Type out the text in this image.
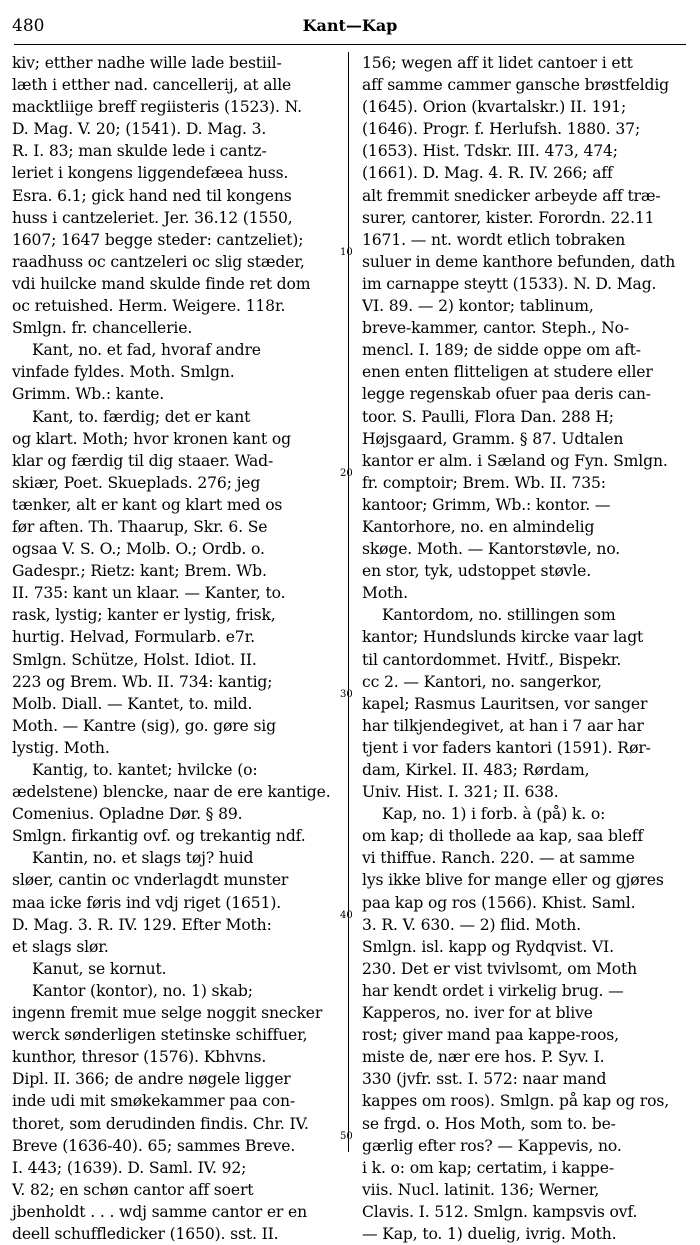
480	Kant—Kap
kiv; etther nadhe wille lade bestiil-
læth i etther nad. cancellerij, at alle
macktliige breff regiisteris (1523). N.
D. Mag. V. 20; (1541). D. Mag. 3.
R. I. 83; man skulde lede i cantz-
leriet i kongens liggendefæea huss.
Esra. 6.1; gick hand ned til kongens
huss i cantzeleriet. Jer. 36.12 (1550,
1607; 1647 begge steder: cantzeliet);
raadhuss oc cantzeleri oc slig stæder,
vdi huilcke mand skulde finde ret dom
oc retuished. Herm. Weigere. 118r.
Smlgn. fr. chancellerie.
Kant, no. et fad, hvoraf andre
vinfade fyldes. Moth. Smlgn.
Grimm. Wb.: kante.
Kant, to. færdig; det er kant
og klart. Moth; hvor kronen kant og
klar og færdig til dig staaer. Wad-
skiær, Poet. Skueplads. 276; jeg
tænker, alt er kant og klart med os
før aften. Th. Thaarup, Skr. 6. Se
ogsaa V. S. O.; Molb. O.; Ordb. o.
Gadespr.; Rietz: kant; Brem. Wb.
II. 735: kant un klaar. — Kanter, to.
rask, lystig; kanter er lystig, frisk,
hurtig. Helvad, Formularb. e7r.
Smlgn. Schütze, Holst. Idiot. II.
223 og Brem. Wb. II. 734: kantig;
Molb. Diall. — Kantet, to. mild.
Moth. — Kantre (sig), go. gøre sig
lystig. Moth.
Kantig, to. kantet; hvilcke (o:
ædelstene) blencke, naar de ere kantige.
Comenius. Opladne Dør. § 89.
Smlgn. firkantig ovf. og trekantig ndf.
Kantin, no. et slags tøj? huid
sløer, cantin oc vnderlagdt munster
maa icke føris ind vdj riget (1651).
D. Mag. 3. R. IV. 129. Efter Moth:
et slags slør.
Kanut, se kornut.
Kantor (kontor), no. 1) skab;
ingenn fremit mue selge noggit snecker
werck sønderligen stetinske schiffuer,
kunthor, thresor (1576). Kbhvns.
Dipl. II. 366; de andre nøgele ligger
inde udi mit smøkekammer paa con-
thoret, som derudinden findis. Chr. IV.
Breve (1636-40). 65; sammes Breve.
I. 443; (1639). D. Saml. IV. 92;
V. 82; en schøn cantor aff soert
jbenholdt . . . wdj samme cantor er en
deell schuffledicker (1650). sst. II.
156; wegen aff it lidet cantoer i ett
aff samme cammer gansche brøstfeldig
(1645). Orion (kvartalskr.) II. 191;
(1646). Progr. f. Herlufsh. 1880. 37;
(1653). Hist. Tdskr. III. 473, 474;
(1661). D. Mag. 4. R. IV. 266; aff
alt fremmit snedicker arbeyde aff træ-
surer, cantorer, kister. Forordn. 22.11
1671. — nt. wordt etlich tobraken
suluer in deme kanthore befunden, dath
im carnappe steytt (1533). N. D. Mag.
VI. 89. — 2) kontor; tablinum,
breve-kammer, cantor. Steph., No-
mencl. I. 189; de sidde oppe om aft-
enen enten flitteligen at studere eller
legge regenskab ofuer paa deris can-
toor. S. Paulli, Flora Dan. 288 H;
Højsgaard, Gramm. § 87. Udtalen
kantor er alm. i Sæland og Fyn. Smlgn.
fr. comptoir; Brem. Wb. II. 735:
kantoor; Grimm, Wb.: kontor. —
Kantorhore, no. en almindelig
skøge. Moth. — Kantorstøvle, no.
en stor, tyk, udstoppet støvle.
Moth.
Kantordom, no. stillingen som
kantor; Hundslunds kircke vaar lagt
til cantordommet. Hvitf., Bispekr.
cc 2. — Kantori, no. sangerkor,
kapel; Rasmus Lauritsen, vor sanger
har tilkjendegivet, at han i 7 aar har
tjent i vor faders kantori (1591). Rør-
dam, Kirkel. II. 483; Rørdam,
Univ. Hist. I. 321; II. 638.
Kap, no. 1) i forb. à (på) k. o:
om kap; di thollede aa kap, saa bleff
vi thiffue. Ranch. 220. — at samme
lys ikke blive for mange eller og gjøres
paa kap og ros (1566). Khist. Saml.
3. R. V. 630. — 2) flid. Moth.
Smlgn. isl. kapp og Rydqvist. VI.
230. Det er vist tvivlsomt, om Moth
har kendt ordet i virkelig brug. —
Kapperos, no. iver for at blive
rost; giver mand paa kappe-roos,
miste de, nær ere hos. P. Syv. I.
330 (jvfr. sst. I. 572: naar mand
kappes om roos). Smlgn. på kap og ros,
se frgd. o. Hos Moth, som to. be-
gærlig efter ros? — Kappevis, no.
i k. o: om kap; certatim, i kappe-
viis. Nucl. latinit. 136; Werner,
Clavis. I. 512. Smlgn. kampsvis ovf.
— Kap, to. 1) duelig, ivrig. Moth.
10
20
30
40
50
